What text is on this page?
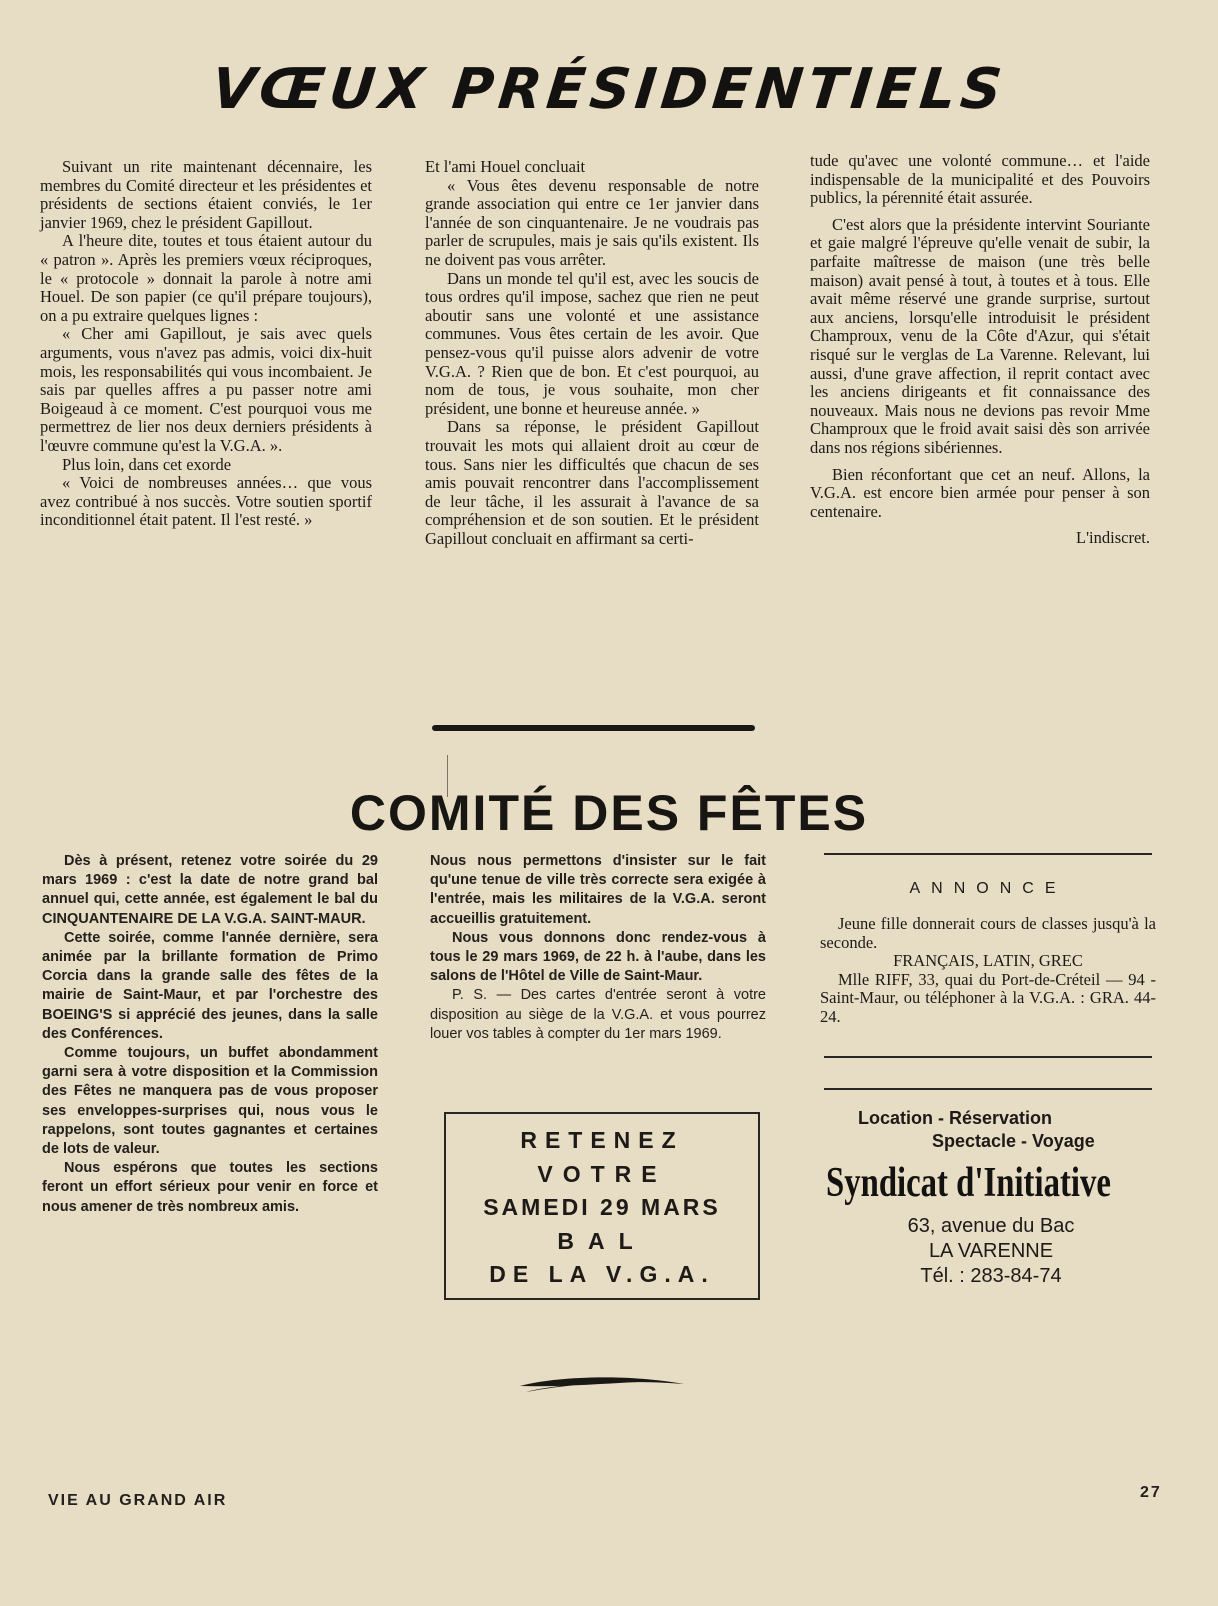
VŒUX PRÉSIDENTIELS

Suivant un rite maintenant décennaire, les membres du Comité directeur et les présidentes et présidents de sections étaient conviés, le 1er janvier 1969, chez le président Gapillout.

A l'heure dite, toutes et tous étaient autour du « patron ». Après les premiers vœux réciproques, le « protocole » donnait la parole à notre ami Houel. De son papier (ce qu'il prépare toujours), on a pu extraire quelques lignes :

« Cher ami Gapillout, je sais avec quels arguments, vous n'avez pas admis, voici dix-huit mois, les responsabilités qui vous incombaient. Je sais par quelles affres a pu passer notre ami Boigeaud à ce moment. C'est pourquoi vous me permettrez de lier nos deux derniers présidents à l'œuvre commune qu'est la V.G.A. ».

Plus loin, dans cet exorde

« Voici de nombreuses années… que vous avez contribué à nos succès. Votre soutien sportif inconditionnel était patent. Il l'est resté. »

Et l'ami Houel concluait

« Vous êtes devenu responsable de notre grande association qui entre ce 1er janvier dans l'année de son cinquantenaire. Je ne voudrais pas parler de scrupules, mais je sais qu'ils existent. Ils ne doivent pas vous arrêter.

Dans un monde tel qu'il est, avec les soucis de tous ordres qu'il impose, sachez que rien ne peut aboutir sans une volonté et une assistance communes. Vous êtes certain de les avoir. Que pensez-vous qu'il puisse alors advenir de votre V.G.A. ? Rien que de bon. Et c'est pourquoi, au nom de tous, je vous souhaite, mon cher président, une bonne et heureuse année. »

Dans sa réponse, le président Gapillout trouvait les mots qui allaient droit au cœur de tous. Sans nier les difficultés que chacun de ses amis pouvait rencontrer dans l'accomplissement de leur tâche, il les assurait à l'avance de sa compréhension et de son soutien. Et le président Gapillout concluait en affirmant sa certi-

tude qu'avec une volonté commune… et l'aide indispensable de la municipalité et des Pouvoirs publics, la pérennité était assurée.

C'est alors que la présidente intervint Souriante et gaie malgré l'épreuve qu'elle venait de subir, la parfaite maîtresse de maison (une très belle maison) avait pensé à tout, à toutes et à tous. Elle avait même réservé une grande surprise, surtout aux anciens, lorsqu'elle introduisit le président Champroux, venu de la Côte d'Azur, qui s'était risqué sur le verglas de La Varenne. Relevant, lui aussi, d'une grave affection, il reprit contact avec les anciens dirigeants et fit connaissance des nouveaux. Mais nous ne devions pas revoir Mme Champroux que le froid avait saisi dès son arrivée dans nos régions sibériennes.

Bien réconfortant que cet an neuf. Allons, la V.G.A. est encore bien armée pour penser à son centenaire.

L'indiscret.
COMITÉ DES FÊTES

Dès à présent, retenez votre soirée du 29 mars 1969 : c'est la date de notre grand bal annuel qui, cette année, est également le bal du CINQUANTENAIRE DE LA V.G.A. SAINT-MAUR.

Cette soirée, comme l'année dernière, sera animée par la brillante formation de Primo Corcia dans la grande salle des fêtes de la mairie de Saint-Maur, et par l'orchestre des BOEING'S si apprécié des jeunes, dans la salle des Conférences.

Comme toujours, un buffet abondamment garni sera à votre disposition et la Commission des Fêtes ne manquera pas de vous proposer ses enveloppes-surprises qui, nous vous le rappelons, sont toutes gagnantes et certaines de lots de valeur.

Nous espérons que toutes les sections feront un effort sérieux pour venir en force et nous amener de très nombreux amis.

Nous nous permettons d'insister sur le fait qu'une tenue de ville très correcte sera exigée à l'entrée, mais les militaires de la V.G.A. seront accueillis gratuitement.

Nous vous donnons donc rendez-vous à tous le 29 mars 1969, de 22 h. à l'aube, dans les salons de l'Hôtel de Ville de Saint-Maur.

P. S. — Des cartes d'entrée seront à votre disposition au siège de la V.G.A. et vous pourrez louer vos tables à compter du 1er mars 1969.

RETENEZ
VOTRE
SAMEDI 29 MARS
BAL
DE LA V.G.A.
ANNONCE

Jeune fille donnerait cours de classes jusqu'à la seconde.

FRANÇAIS, LATIN, GREC

Mlle RIFF, 33, quai du Port-de-Créteil — 94 - Saint-Maur, ou téléphoner à la V.G.A. : GRA. 44-24.

Location - Réservation
Spectacle - Voyage
Syndicat d'Initiative
63, avenue du Bac
LA VARENNE
Tél. : 283-84-74
VIE AU GRAND AIR	27
